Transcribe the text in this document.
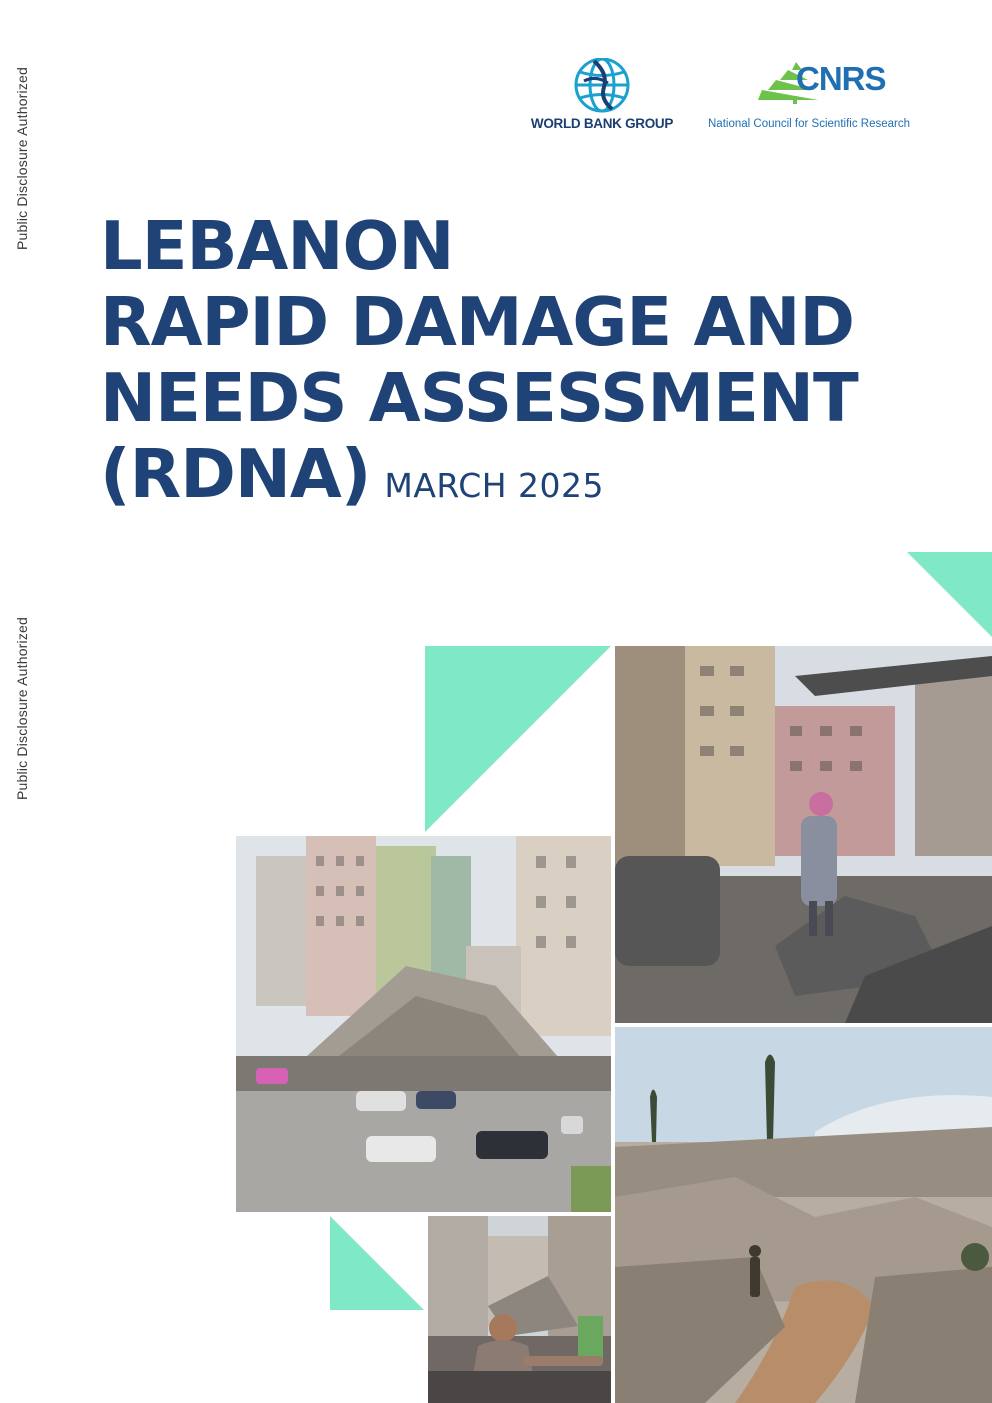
Public Disclosure Authorized
Public Disclosure Authorized
WORLD BANK GROUP
CNRS
National Council for Scientific Research
LEBANON
RAPID DAMAGE AND
NEEDS ASSESSMENT
(RDNA) MARCH 2025
